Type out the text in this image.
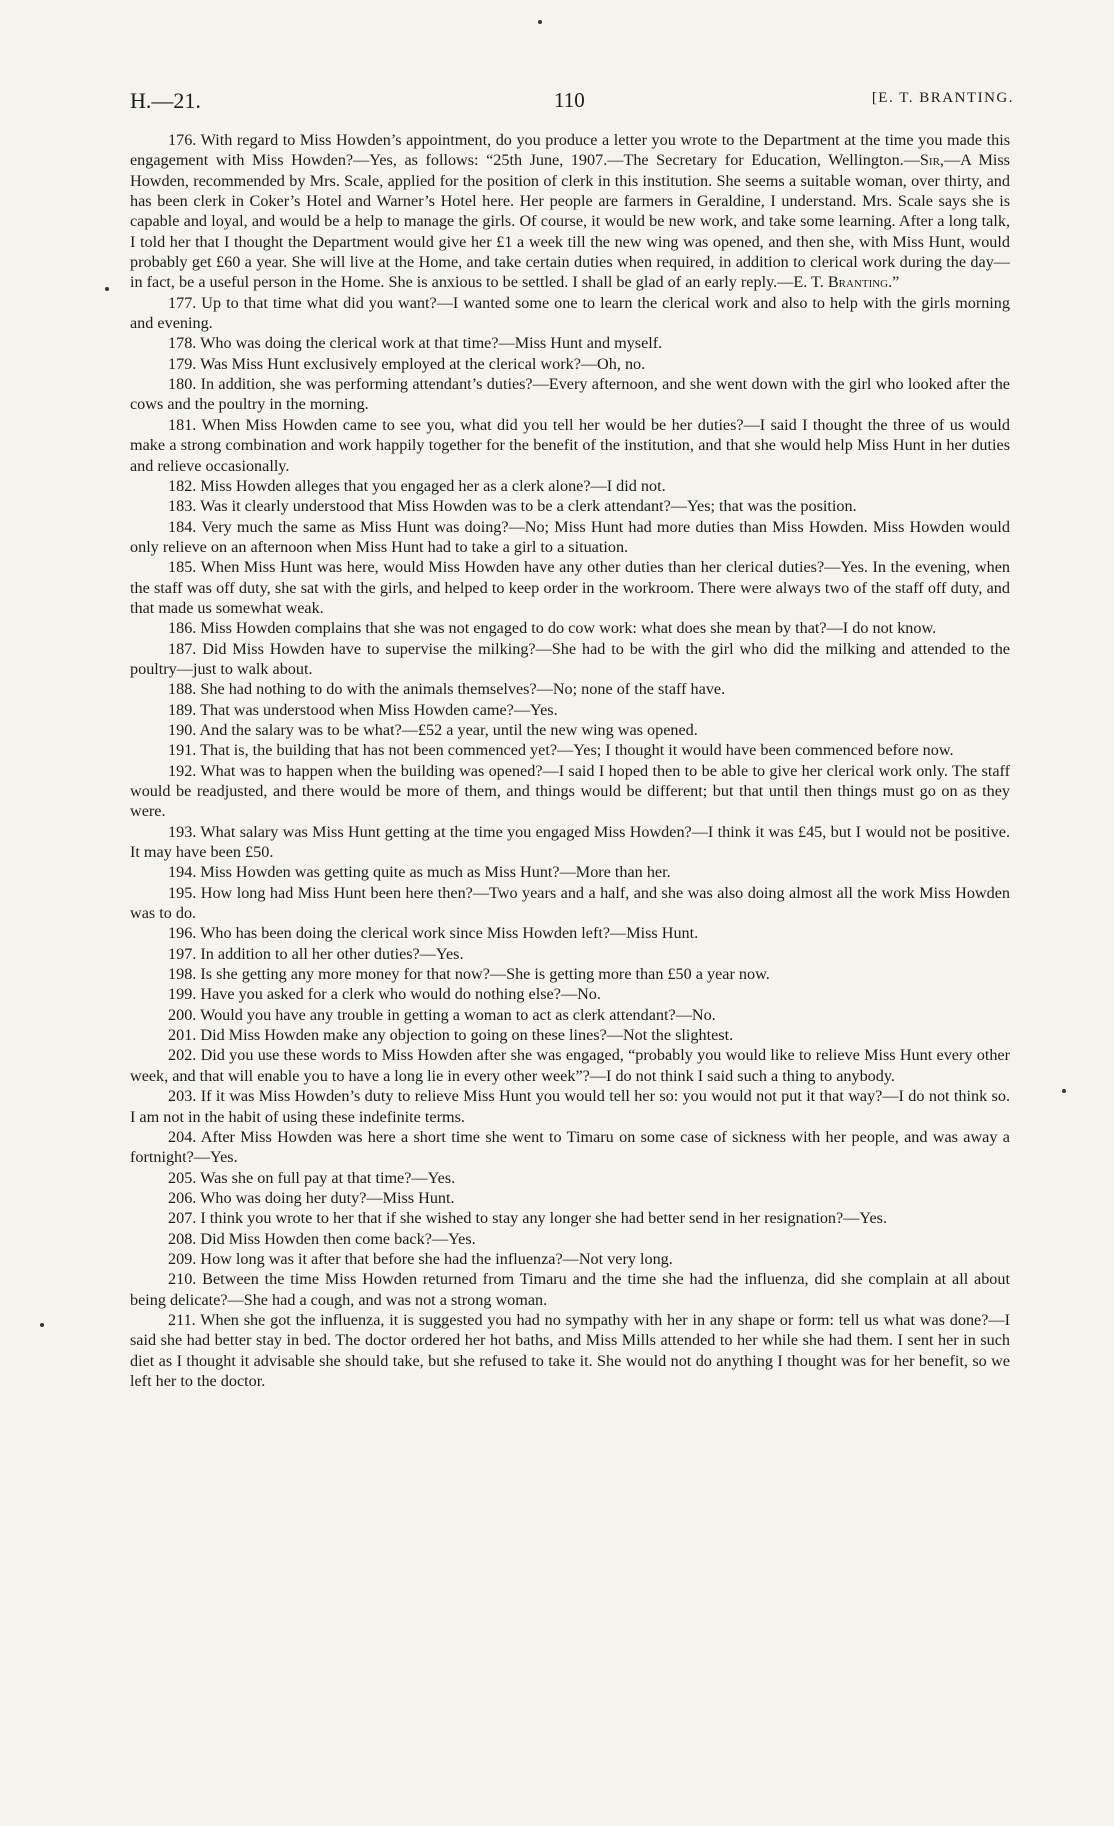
H.—21.	110	[E. T. BRANTING.

176. With regard to Miss Howden’s appointment, do you produce a letter you wrote to the Department at the time you made this engagement with Miss Howden?—Yes, as follows: “25th June, 1907.—The Secretary for Education, Wellington.—Sir,—A Miss Howden, recommended by Mrs. Scale, applied for the position of clerk in this institution. She seems a suitable woman, over thirty, and has been clerk in Coker’s Hotel and Warner’s Hotel here. Her people are farmers in Geraldine, I understand. Mrs. Scale says she is capable and loyal, and would be a help to manage the girls. Of course, it would be new work, and take some learning. After a long talk, I told her that I thought the Department would give her £1 a week till the new wing was opened, and then she, with Miss Hunt, would probably get £60 a year. She will live at the Home, and take certain duties when required, in addition to clerical work during the day—in fact, be a useful person in the Home. She is anxious to be settled. I shall be glad of an early reply.—E. T. Branting.”

177. Up to that time what did you want?—I wanted some one to learn the clerical work and also to help with the girls morning and evening.

178. Who was doing the clerical work at that time?—Miss Hunt and myself.

179. Was Miss Hunt exclusively employed at the clerical work?—Oh, no.

180. In addition, she was performing attendant’s duties?—Every afternoon, and she went down with the girl who looked after the cows and the poultry in the morning.

181. When Miss Howden came to see you, what did you tell her would be her duties?—I said I thought the three of us would make a strong combination and work happily together for the benefit of the institution, and that she would help Miss Hunt in her duties and relieve occasionally.

182. Miss Howden alleges that you engaged her as a clerk alone?—I did not.

183. Was it clearly understood that Miss Howden was to be a clerk attendant?—Yes; that was the position.

184. Very much the same as Miss Hunt was doing?—No; Miss Hunt had more duties than Miss Howden. Miss Howden would only relieve on an afternoon when Miss Hunt had to take a girl to a situation.

185. When Miss Hunt was here, would Miss Howden have any other duties than her clerical duties?—Yes. In the evening, when the staff was off duty, she sat with the girls, and helped to keep order in the workroom. There were always two of the staff off duty, and that made us somewhat weak.

186. Miss Howden complains that she was not engaged to do cow work: what does she mean by that?—I do not know.

187. Did Miss Howden have to supervise the milking?—She had to be with the girl who did the milking and attended to the poultry—just to walk about.

188. She had nothing to do with the animals themselves?—No; none of the staff have.

189. That was understood when Miss Howden came?—Yes.

190. And the salary was to be what?—£52 a year, until the new wing was opened.

191. That is, the building that has not been commenced yet?—Yes; I thought it would have been commenced before now.

192. What was to happen when the building was opened?—I said I hoped then to be able to give her clerical work only. The staff would be readjusted, and there would be more of them, and things would be different; but that until then things must go on as they were.

193. What salary was Miss Hunt getting at the time you engaged Miss Howden?—I think it was £45, but I would not be positive. It may have been £50.

194. Miss Howden was getting quite as much as Miss Hunt?—More than her.

195. How long had Miss Hunt been here then?—Two years and a half, and she was also doing almost all the work Miss Howden was to do.

196. Who has been doing the clerical work since Miss Howden left?—Miss Hunt.

197. In addition to all her other duties?—Yes.

198. Is she getting any more money for that now?—She is getting more than £50 a year now.

199. Have you asked for a clerk who would do nothing else?—No.

200. Would you have any trouble in getting a woman to act as clerk attendant?—No.

201. Did Miss Howden make any objection to going on these lines?—Not the slightest.

202. Did you use these words to Miss Howden after she was engaged, “probably you would like to relieve Miss Hunt every other week, and that will enable you to have a long lie in every other week”?—I do not think I said such a thing to anybody.

203. If it was Miss Howden’s duty to relieve Miss Hunt you would tell her so: you would not put it that way?—I do not think so. I am not in the habit of using these indefinite terms.

204. After Miss Howden was here a short time she went to Timaru on some case of sickness with her people, and was away a fortnight?—Yes.

205. Was she on full pay at that time?—Yes.

206. Who was doing her duty?—Miss Hunt.

207. I think you wrote to her that if she wished to stay any longer she had better send in her resignation?—Yes.

208. Did Miss Howden then come back?—Yes.

209. How long was it after that before she had the influenza?—Not very long.

210. Between the time Miss Howden returned from Timaru and the time she had the influenza, did she complain at all about being delicate?—She had a cough, and was not a strong woman.

211. When she got the influenza, it is suggested you had no sympathy with her in any shape or form: tell us what was done?—I said she had better stay in bed. The doctor ordered her hot baths, and Miss Mills attended to her while she had them. I sent her in such diet as I thought it advisable she should take, but she refused to take it. She would not do anything I thought was for her benefit, so we left her to the doctor.
